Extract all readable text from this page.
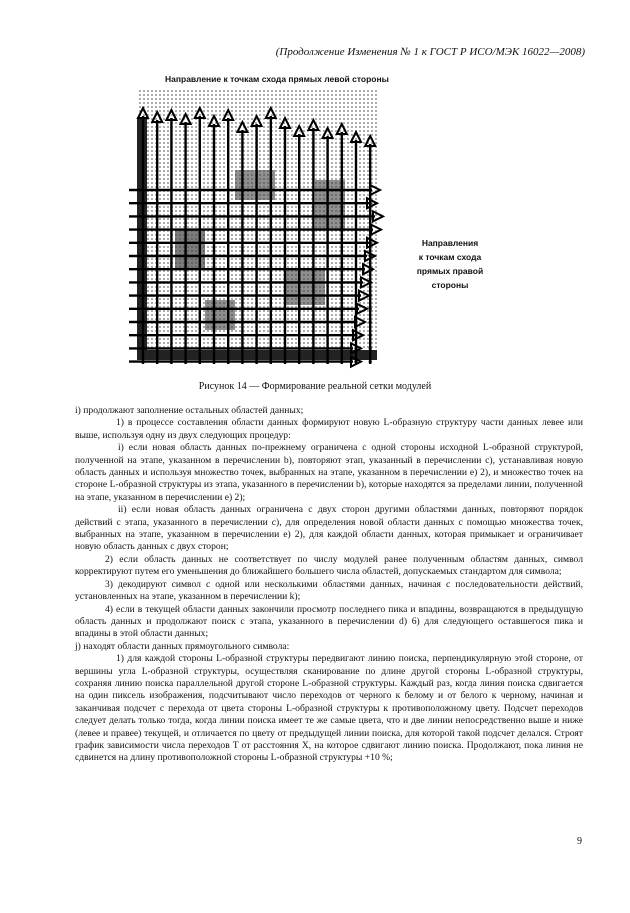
(Продолжение Изменения № 1 к ГОСТ Р ИСО/МЭК 16022—2008)
Направление к точкам схода прямых левой стороны
Направления
к точкам схода
прямых правой
стороны
Рисунок 14 — Формирование реальной сетки модулей

i) продолжают заполнение остальных областей данных;

1) в процессе составления области данных формируют новую L-образную структуру части данных левее или выше, используя одну из двух следующих процедур:

i) если новая область данных по-прежнему ограничена с одной стороны исходной L-образной структурой, полученной на этапе, указанном в перечислении b), повторяют этап, указанный в перечислении с), устанавливая новую область данных и используя множество точек, выбранных на этапе, указанном в перечислении e) 2), и множество точек на стороне L-образной структуры из этапа, указанного в перечислении b), которые находятся за пределами линии, полученной на этапе, указанном в перечислении e) 2);

ii) если новая область данных ограничена с двух сторон другими областями данных, повторяют порядок действий с этапа, указанного в перечислении с), для определения новой области данных с помощью множества точек, выбранных на этапе, указанном в перечислении e) 2), для каждой области данных, которая примыкает и ограничивает новую область данных с двух сторон;

2) если область данных не соответствует по числу модулей ранее полученным областям данных, символ корректируют путем его уменьшения до ближайшего большего числа областей, допускаемых стандартом для символа;

3) декодируют символ с одной или несколькими областями данных, начиная с последовательности действий, установленных на этапе, указанном в перечислении k);

4) если в текущей области данных закончили просмотр последнего пика и впадины, возвращаются в предыдущую область данных и продолжают поиск с этапа, указанного в перечислении d) 6) для следующего оставшегося пика и впадины в этой области данных;

j) находят области данных прямоугольного символа:

1) для каждой стороны L-образной структуры передвигают линию поиска, перпендикулярную этой стороне, от вершины угла L-образной структуры, осуществляя сканирование по длине другой стороны L-образной структуры, сохраняя линию поиска параллельной другой стороне L-образной структуры. Каждый раз, когда линия поиска сдвигается на один пиксель изображения, подсчитывают число переходов от черного к белому и от белого к черному, начиная и заканчивая подсчет с перехода от цвета стороны L-образной структуры к противоположному цвету. Подсчет переходов следует делать только тогда, когда линии поиска имеет те же самые цвета, что и две линии непосредственно выше и ниже (левее и правее) текущей, и отличается по цвету от предыдущей линии поиска, для которой такой подсчет делался. Строят график зависимости числа переходов T от расстояния X, на которое сдвигают линию поиска. Продолжают, пока линия не сдвинется на длину противоположной стороны L-образной структуры +10 %;

9
